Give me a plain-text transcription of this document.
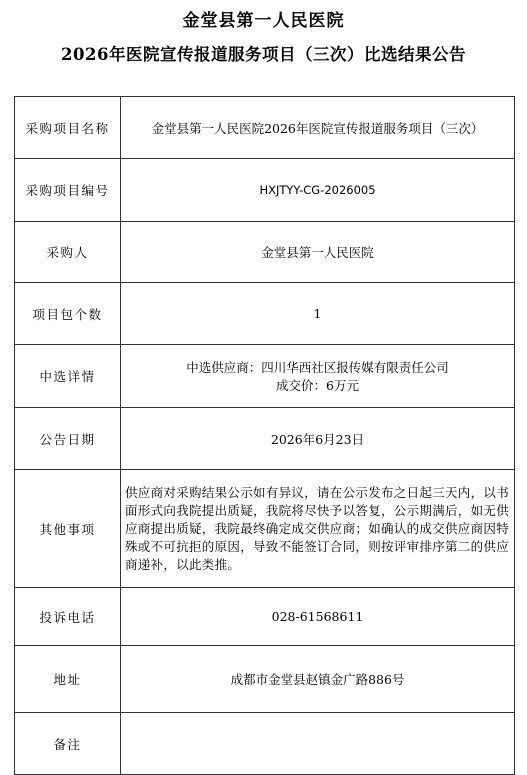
金堂县第一人民医院
2026年医院宣传报道服务项目（三次）比选结果公告
采购项目名称	金堂县第一人民医院2026年医院宣传报道服务项目（三次）
采购项目编号	HXJTYY-CG-2026005
采购人	金堂县第一人民医院
项目包个数	1
中选详情	中选供应商：四川华西社区报传媒有限责任公司
成交价：6万元

公告日期	2026年6月23日
其他事项	供应商对采购结果公示如有异议，请在公示发布之日起三天内，以书面形式向我院提出质疑，我院将尽快予以答复，公示期满后，如无供应商提出质疑，我院最终确定成交供应商；如确认的成交供应商因特殊或不可抗拒的原因，导致不能签订合同，则按评审排序第二的供应商递补，以此类推。
投诉电话	028-61568611
地址	成都市金堂县赵镇金广路886号
备注	
